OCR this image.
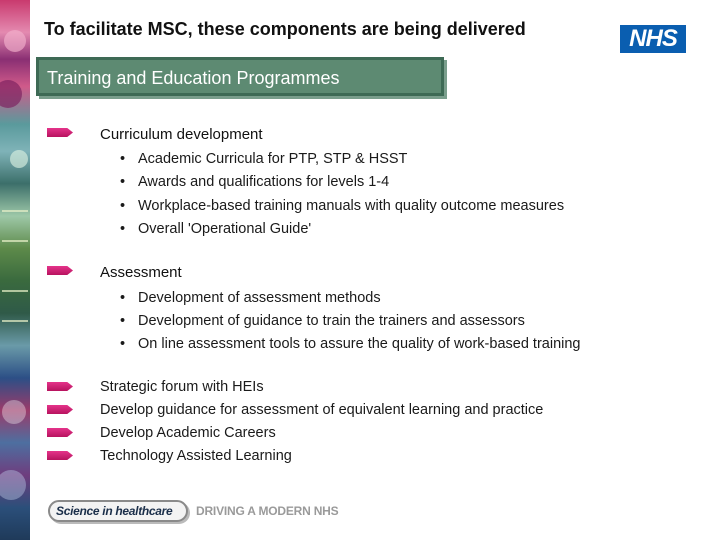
To facilitate MSC, these components are being delivered	NHS
Training and Education Programmes
Curriculum development
• Academic Curricula for PTP, STP & HSST
• Awards and qualifications for levels 1-4
• Workplace-based training manuals with quality outcome measures
• Overall 'Operational Guide'
Assessment
• Development of assessment methods
• Development of guidance to train the trainers and assessors
• On line assessment tools to assure the quality of work-based training
Strategic forum with HEIs
Develop guidance for assessment of equivalent learning and practice
Develop Academic Careers
Technology Assisted Learning
Science in healthcare DRIVING A MODERN NHS
